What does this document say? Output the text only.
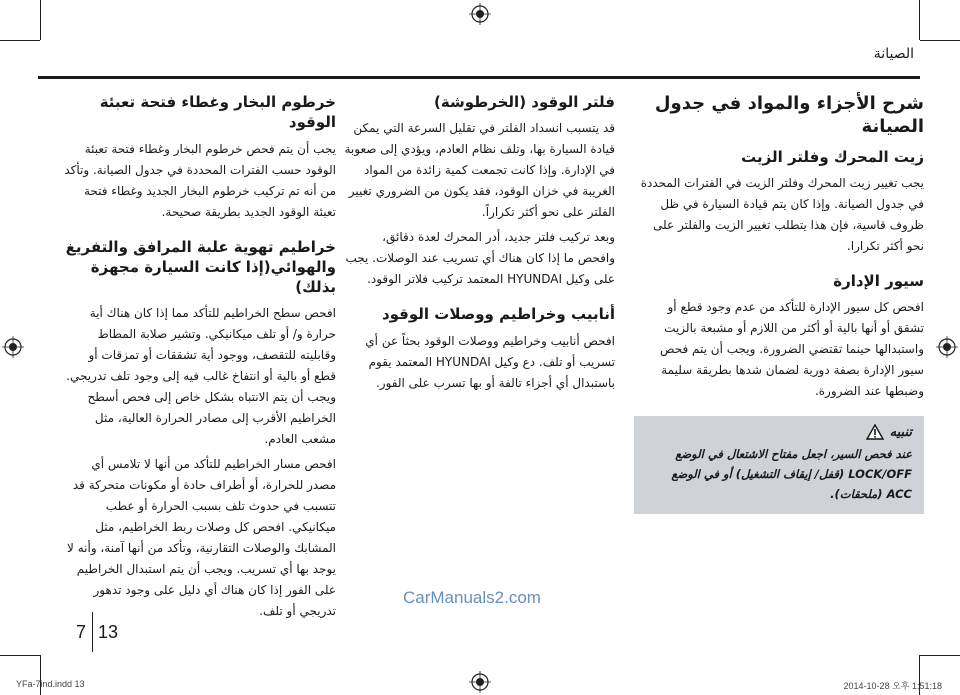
الصيانة
شرح الأجزاء والمواد في جدول الصيانة
زيت المحرك وفلتر الزيت

يجب تغيير زيت المحرك وفلتر الزيت في الفترات المحددة في جدول الصيانة. وإذا كان يتم قيادة السيارة في ظل ظروف قاسية، فإن هذا يتطلب تغيير الزيت والفلتر على نحو أكثر تكرارا.

سيور الإدارة

افحص كل سيور الإدارة للتأكد من عدم وجود قطع أو تشقق أو أنها بالية أو أكثر من اللازم أو مشبعة بالزيت واستبدالها حينما تقتضي الضرورة. ويجب أن يتم فحص سيور الإدارة بصفة دورية لضمان شدها بطريقة سليمة وضبطها عند الضرورة.

تنبيه

عند فحص السير، اجعل مفتاح الاشتعال في الوضع

LOCK/OFF (قفل/ إيقاف التشغيل) أو في الوضع

ACC (ملحقات).

فلتر الوقود (الخرطوشة)

قد يتسبب انسداد الفلتر في تقليل السرعة التي يمكن قيادة السيارة بها، وتلف نظام العادم، ويؤدي إلى صعوبة في الإدارة. وإذا كانت تجمعت كمية زائدة من المواد الغريبة في خزان الوقود، فقد يكون من الضروري تغيير الفلتر على نحو أكثر تكراراً.

وبعد تركيب فلتر جديد، أدر المحرك لعدة دقائق، وافحص ما إذا كان هناك أي تسريب عند الوصلات. يجب على وكيل HYUNDAI المعتمد تركيب فلاتر الوقود.

أنابيب وخراطيم ووصلات الوقود

افحص أنابيب وخراطيم ووصلات الوقود بحثاً عن أي تسريب أو تلف. دع وكيل HYUNDAI المعتمد يقوم باستبدال أي أجزاء تالفة أو بها تسرب على الفور.

خرطوم البخار وغطاء فتحة تعبئة الوقود

يجب أن يتم فحص خرطوم البخار وغطاء فتحة تعبئة الوقود حسب الفترات المحددة في جدول الصيانة. وتأكد من أنه تم تركيب خرطوم البخار الجديد وغطاء فتحة تعبئة الوقود الجديد بطريقة صحيحة.

خراطيم تهوية علبة المرافق والتفريغ والهوائي(إذا كانت السيارة مجهزة بذلك)

افحص سطح الخراطيم للتأكد مما إذا كان هناك أية حرارة و/ أو تلف ميكانيكي. وتشير صلابة المطاط وقابليته للتقصف، ووجود أية تشققات أو تمزقات أو قطع أو بالية أو انتفاخ غالب فيه إلى وجود تلف تدريجي. ويجب أن يتم الانتباه بشكل خاص إلى فحص أسطح الخراطيم الأقرب إلى مصادر الحرارة العالية، مثل مشعب العادم.

افحص مسار الخراطيم للتأكد من أنها لا تلامس أي مصدر للحرارة، أو أطراف حادة أو مكونات متحركة قد تتسبب في حدوث تلف بسبب الحرارة أو عطب ميكانيكي. افحص كل وصلات ربط الخراطيم، مثل المشابك والوصلات التقارنية، وتأكد من أنها آمنة، وأنه لا يوجد بها أي تسريب. ويجب أن يتم استبدال الخراطيم على الفور إذا كان هناك أي دليل على وجود تدهور تدريجي أو تلف.

CarManuals2.com
7 13
YFa-7ind.indd 13	2014-10-28 오후 1:51:18
